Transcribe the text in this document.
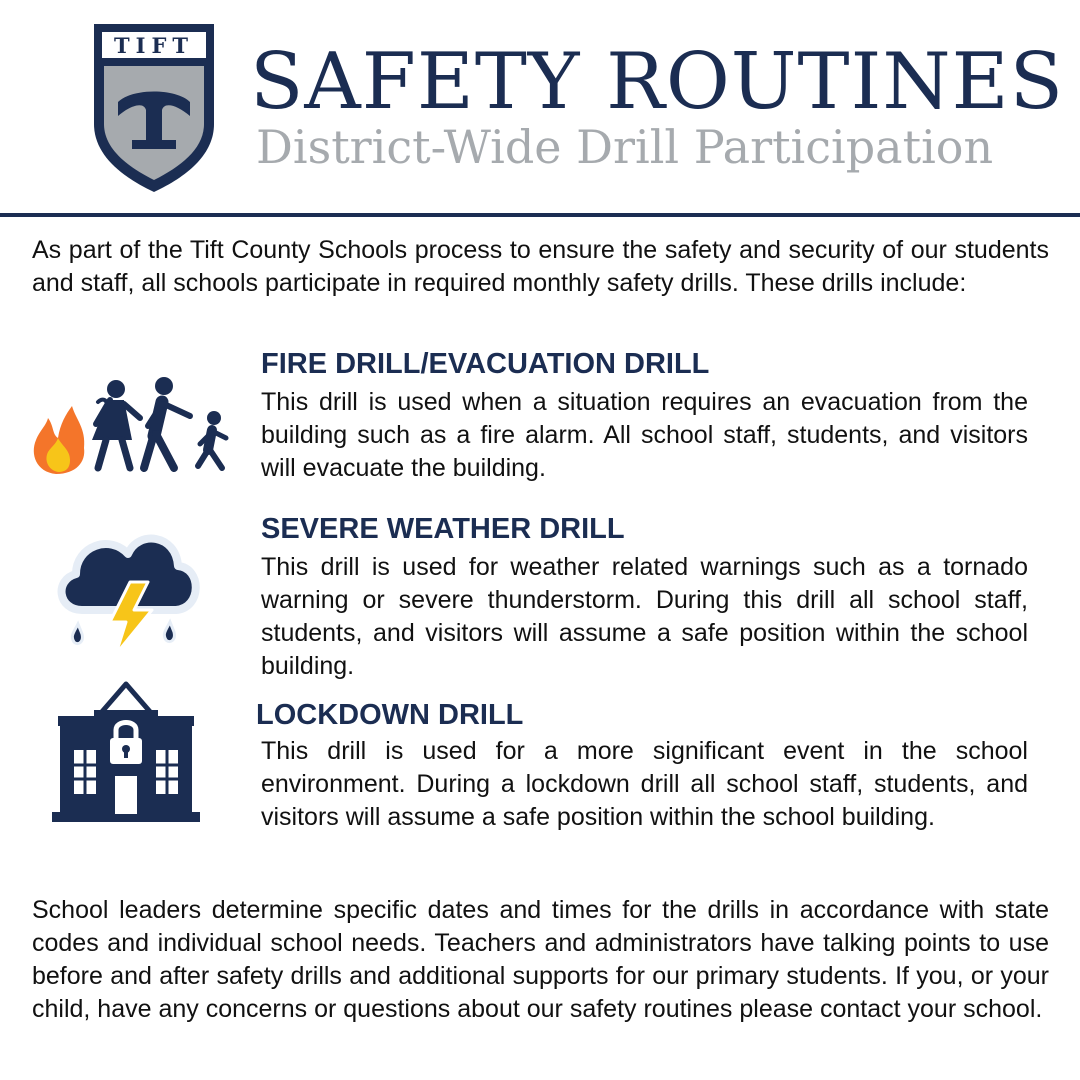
TIFT SAFETY ROUTINES
District-Wide Drill Participation

As part of the Tift County Schools process to ensure the safety and security of our students and staff, all schools participate in required monthly safety drills. These drills include:

FIRE DRILL/EVACUATION DRILL

This drill is used when a situation requires an evacuation from the building such as a fire alarm. All school staff, students, and visitors will evacuate the building.

SEVERE WEATHER DRILL

This drill is used for weather related warnings such as a tornado warning or severe thunderstorm. During this drill all school staff, students, and visitors will assume a safe position within the school building.

LOCKDOWN DRILL

This drill is used for a more significant event in the school environment. During a lockdown drill all school staff, students, and visitors will assume a safe position within the school building.

School leaders determine specific dates and times for the drills in accordance with state codes and individual school needs. Teachers and administrators have talking points to use before and after safety drills and additional supports for our primary students. If you, or your child, have any concerns or questions about our safety routines please contact your school.
